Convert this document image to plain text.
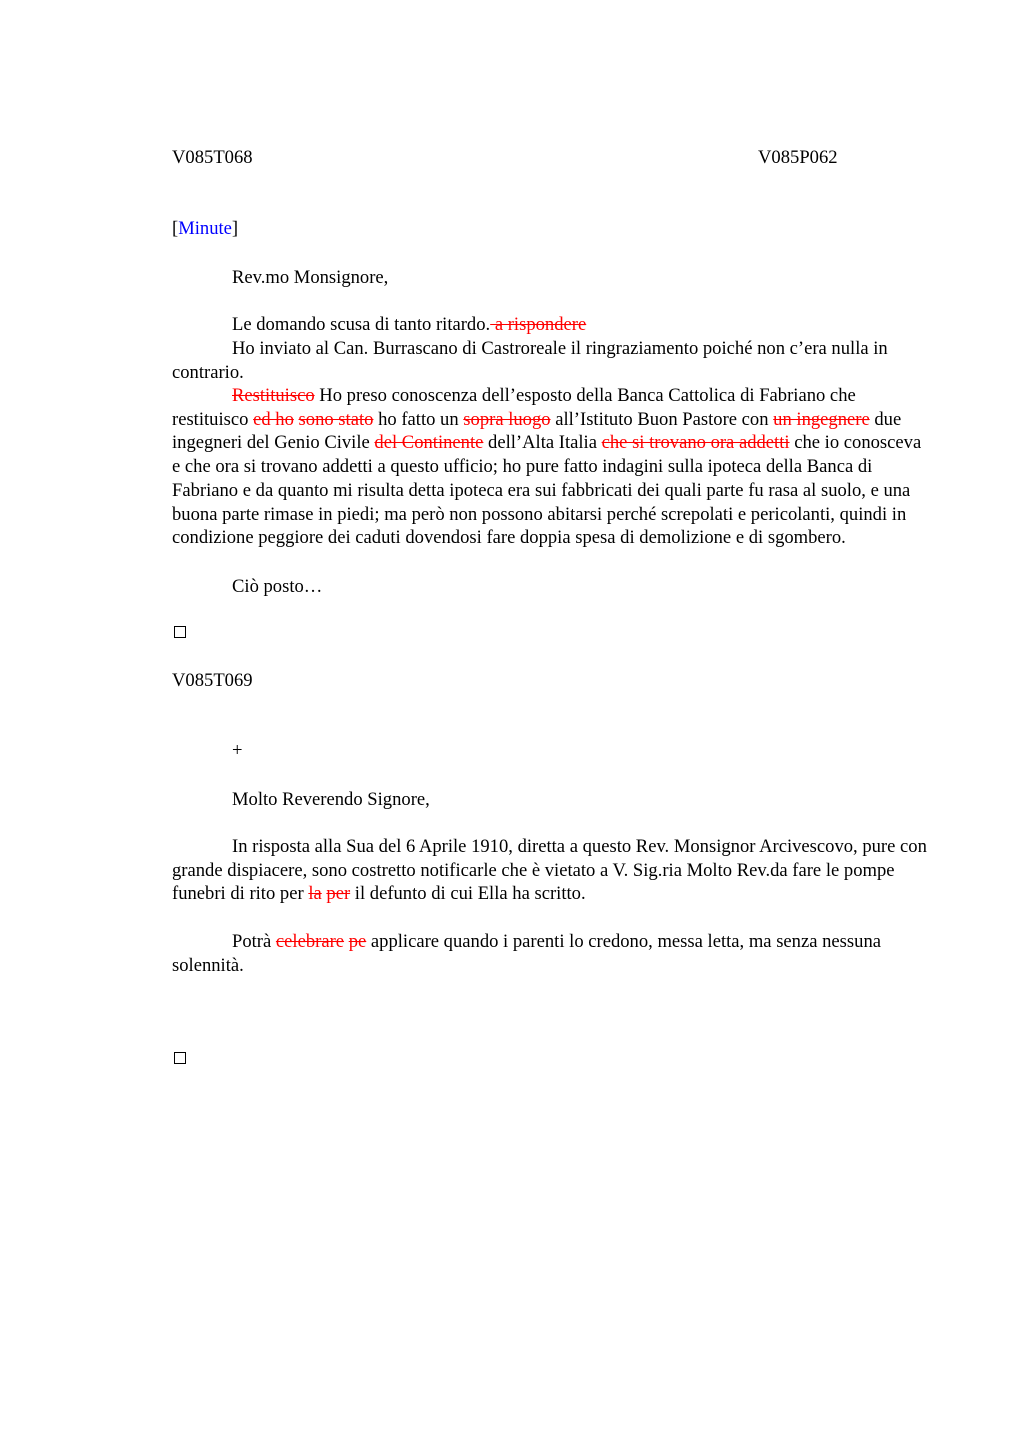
V085T068	V085P062
[Minute]
Rev.mo Monsignore,
Le domando scusa di tanto ritardo. a rispondere
Ho inviato al Can. Burrascano di Castroreale il ringraziamento poiché non c’era nulla in contrario.
Restituisco Ho preso conoscenza dell’esposto della Banca Cattolica di Fabriano che restituisco ed ho sono stato ho fatto un sopra luogo all’Istituto Buon Pastore con un ingegnere due ingegneri del Genio Civile del Continente dell’Alta Italia che si trovano ora addetti che io conosceva e che ora si trovano addetti a questo ufficio; ho pure fatto indagini sulla ipoteca della Banca di Fabriano e da quanto mi risulta detta ipoteca era sui fabbricati dei quali parte fu rasa al suolo, e una buona parte rimase in piedi; ma però non possono abitarsi perché screpolati e pericolanti, quindi in condizione peggiore dei caduti dovendosi fare doppia spesa di demolizione e di sgombero.
Ciò posto…
V085T069
+
Molto Reverendo Signore,
In risposta alla Sua del 6 Aprile 1910, diretta a questo Rev. Monsignor Arcivescovo, pure con grande dispiacere, sono costretto notificarle che è vietato a V. Sig.ria Molto Rev.da fare le pompe funebri di rito per la per il defunto di cui Ella ha scritto.
Potrà celebrare pe applicare quando i parenti lo credono, messa letta, ma senza nessuna solennità.
